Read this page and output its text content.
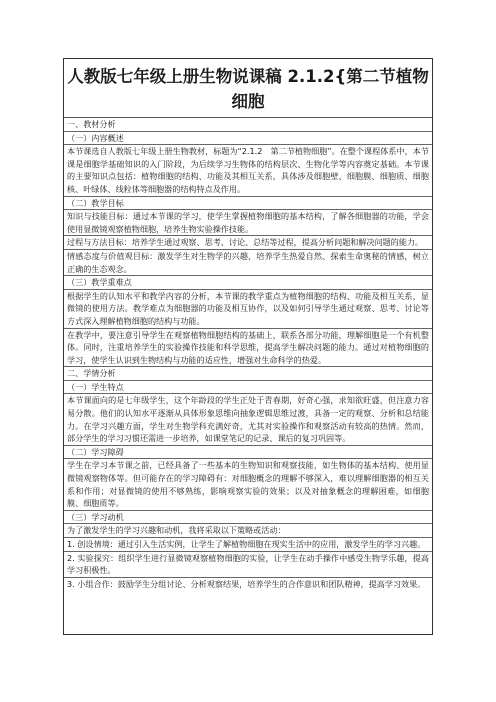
人教版七年级上册生物说课稿 2.1.2{第二节植物细胞
一、教材分析
（一）内容概述
本节课选自人教版七年级上册生物教材，标题为“2.1.2　第二节植物细胞”。在整个课程体系中，本节课是细胞学基础知识的入门阶段，为后续学习生物体的结构层次、生物化学等内容奠定基础。本节课的主要知识点包括：植物细胞的结构、功能及其相互关系，具体涉及细胞壁、细胞膜、细胞质、细胞核、叶绿体、线粒体等细胞器的结构特点及作用。
（二）教学目标
知识与技能目标：通过本节课的学习，使学生掌握植物细胞的基本结构，了解各细胞器的功能，学会使用显微镜观察植物细胞，培养生物实验操作技能。
过程与方法目标：培养学生通过观察、思考、讨论、总结等过程，提高分析问题和解决问题的能力。
情感态度与价值观目标：激发学生对生物学的兴趣，培养学生热爱自然、探索生命奥秘的情感，树立正确的生态观念。
（三）教学重难点
根据学生的认知水平和教学内容的分析，本节课的教学重点为植物细胞的结构、功能及相互关系，显微镜的使用方法。教学难点为细胞器的功能及相互协作，以及如何引导学生通过观察、思考、讨论等方式深入理解植物细胞的结构与功能。
在教学中，要注意引导学生在观察植物细胞结构的基础上，联系各部分功能，理解细胞是一个有机整体。同时，注重培养学生的实验操作技能和科学思维，提高学生解决问题的能力。通过对植物细胞的学习，使学生认识到生物结构与功能的适应性，增强对生命科学的热爱。
二、学情分析
（一）学生特点
本节课面向的是七年级学生，这个年龄段的学生正处于青春期，好奇心强，求知欲旺盛，但注意力容易分散。他们的认知水平逐渐从具体形象思维向抽象逻辑思维过渡，具备一定的观察、分析和总结能力。在学习兴趣方面，学生对生物学科充满好奇，尤其对实验操作和观察活动有较高的热情。然而，部分学生的学习习惯还需进一步培养，如课堂笔记的记录、课后的复习巩固等。
（二）学习障碍
学生在学习本节课之前，已经具备了一些基本的生物知识和观察技能，如生物体的基本结构、使用显微镜观察物体等。但可能存在的学习障碍有：对细胞概念的理解不够深入，难以理解细胞器的相互关系和作用；对显微镜的使用不够熟练，影响观察实验的效果；以及对抽象概念的理解困难，如细胞膜、细胞质等。
（三）学习动机
为了激发学生的学习兴趣和动机，我将采取以下策略或活动：
1. 创设情境：通过引入生活实例，让学生了解植物细胞在现实生活中的应用，激发学生的学习兴趣。
2. 实验探究：组织学生进行显微镜观察植物细胞的实验，让学生在动手操作中感受生物学乐趣，提高学习积极性。
3. 小组合作：鼓励学生分组讨论、分析观察结果，培养学生的合作意识和团队精神，提高学习效果。
